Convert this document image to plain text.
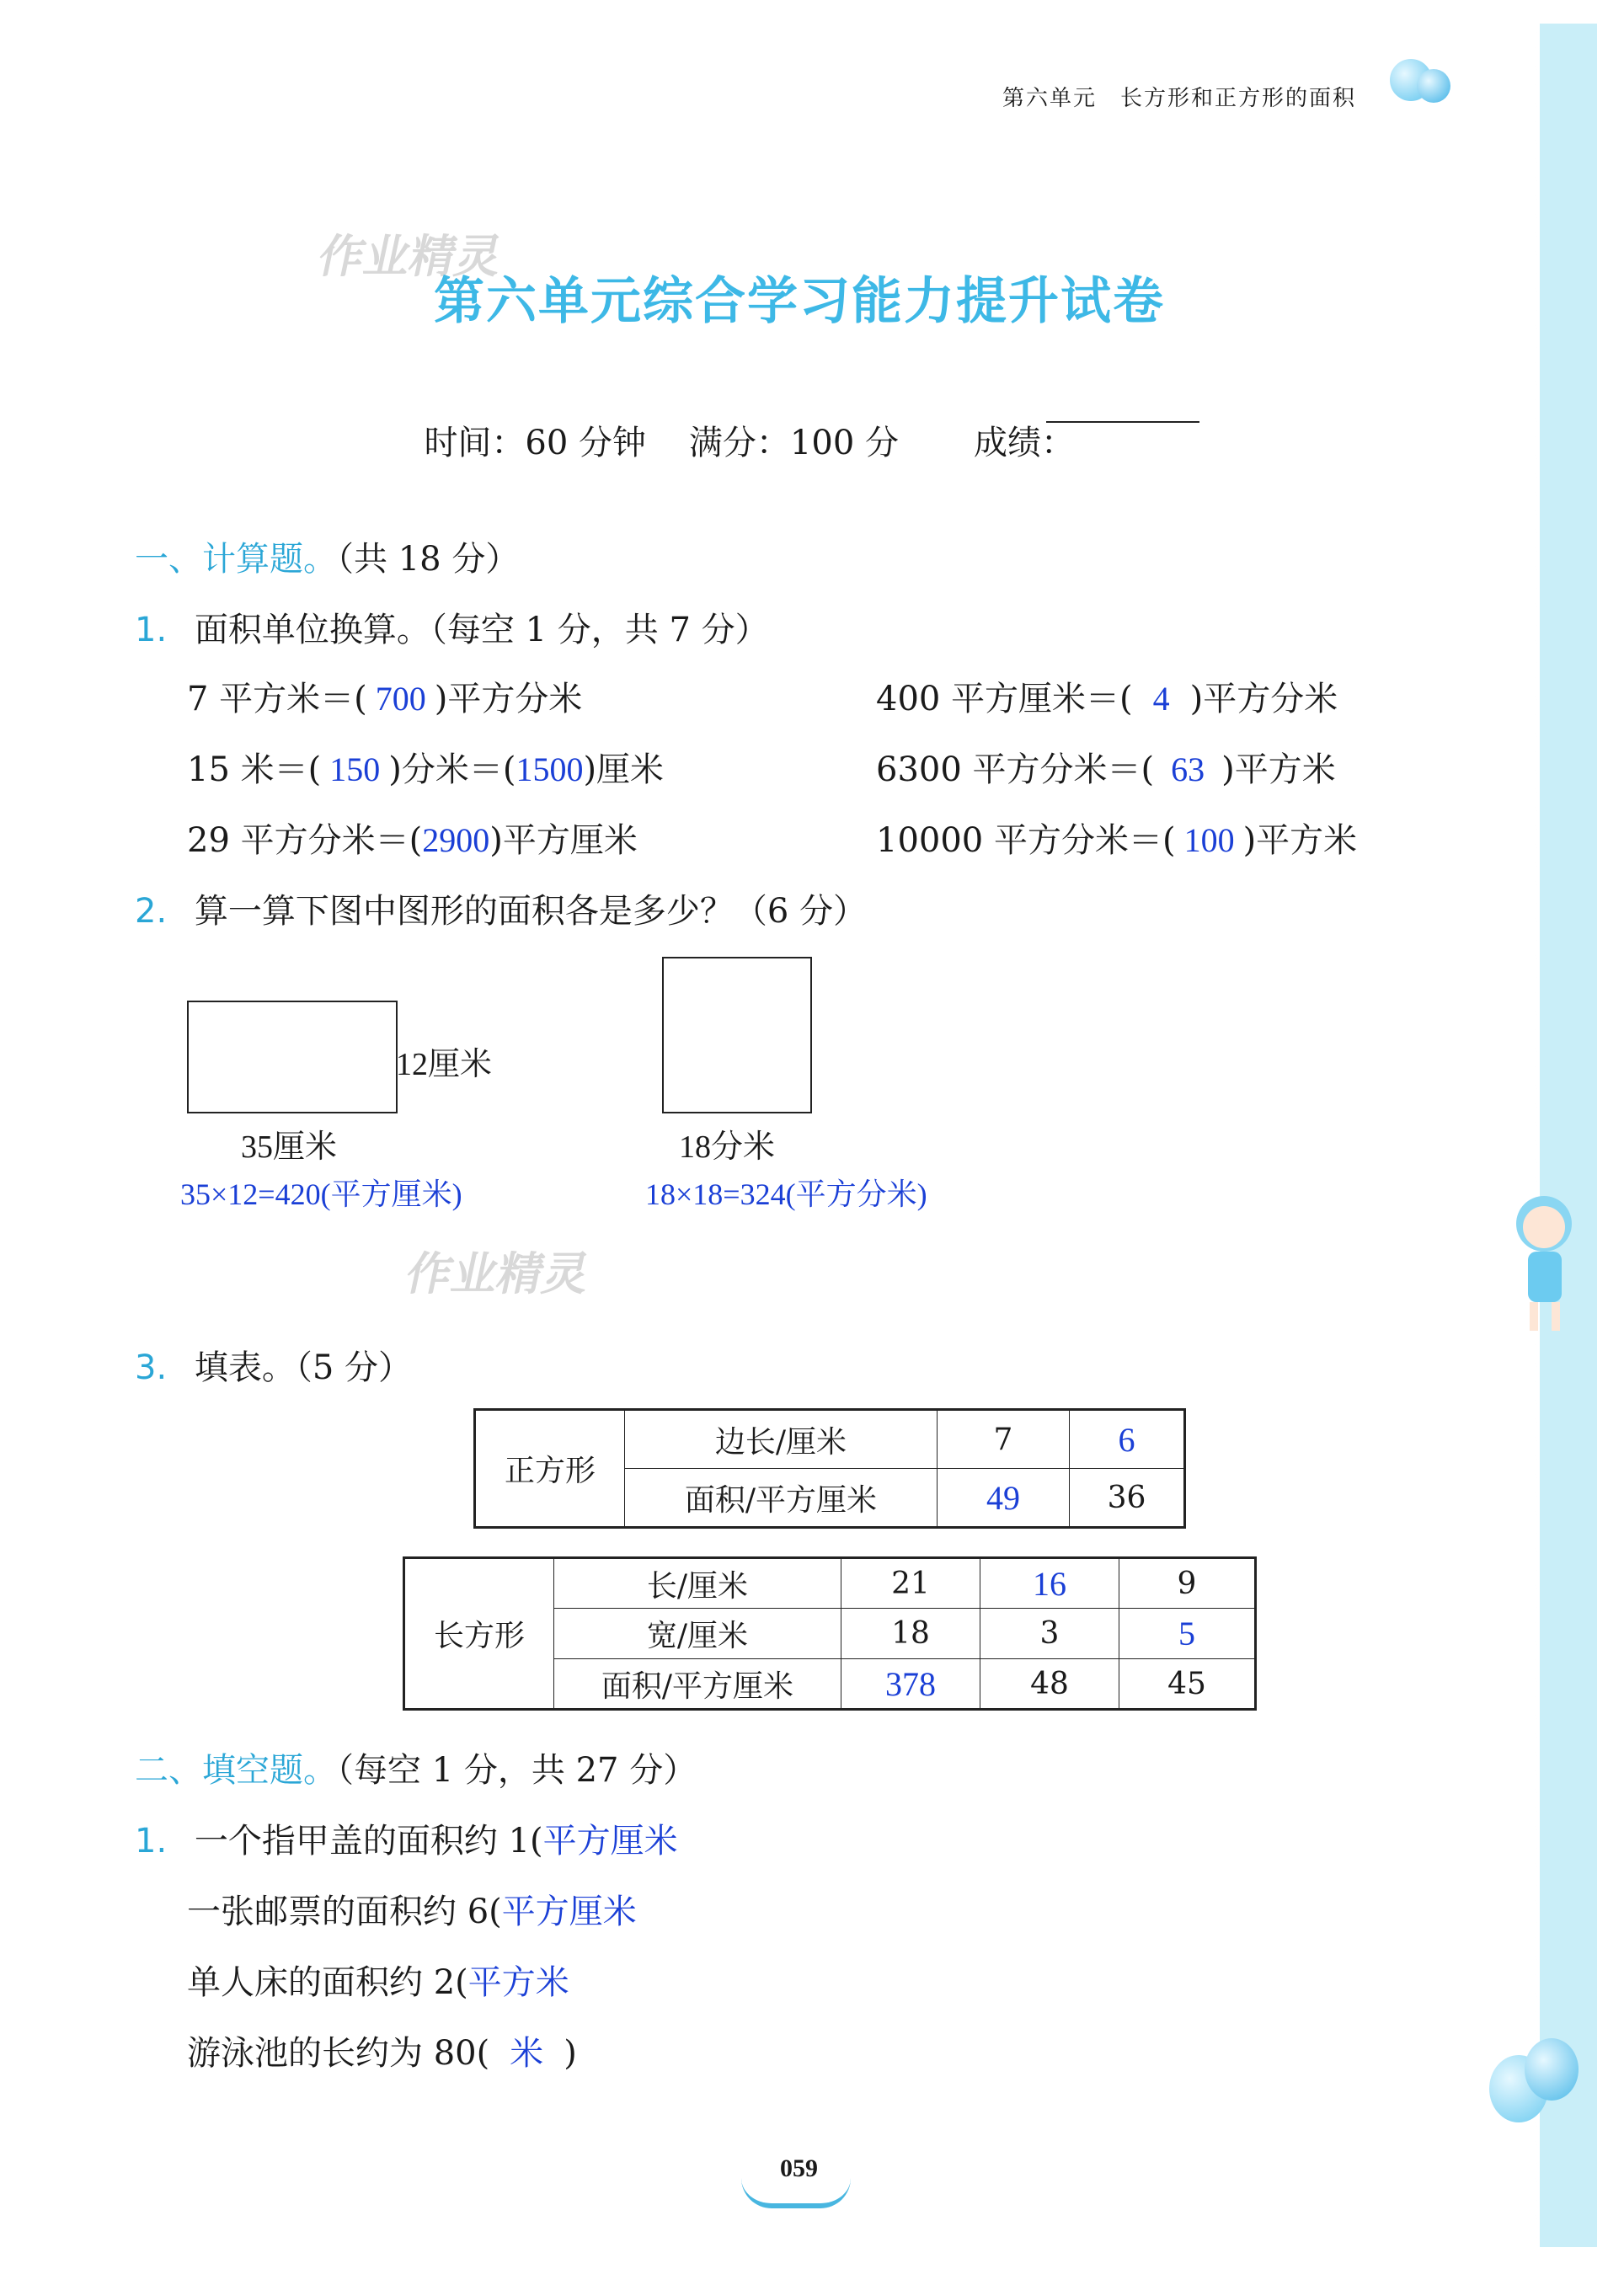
第六单元　长方形和正方形的面积
作业精灵
作业精灵
第六单元综合学习能力提升试卷

时间：60 分钟 满分：100 分 成绩：

一、计算题。（共 18 分）
1. 面积单位换算。（每空 1 分，共 7 分）
7 平方米＝( 700 )平方分米
15 米＝( 150 )分米＝(1500)厘米
29 平方分米＝(2900)平方厘米
400 平方厘米＝( 4 )平方分米
6300 平方分米＝( 63 )平方米
10000 平方分米＝( 100 )平方米
2. 算一算下图中图形的面积各是多少？（6 分）
12厘米
35厘米
35×12=420(平方厘米)
18分米
18×18=324(平方分米)
3. 填表。（5 分）
正方形	边长/厘米	7	6
	面积/平方厘米	49	36
长方形	长/厘米	21	16	9
	宽/厘米	18	3	5
	面积/平方厘米	378	48	45
二、填空题。（每空 1 分，共 27 分）
1. 一个指甲盖的面积约 1(平方厘米
一张邮票的面积约 6(平方厘米
单人床的面积约 2(平方米
游泳池的长约为 80( 米 )
059
